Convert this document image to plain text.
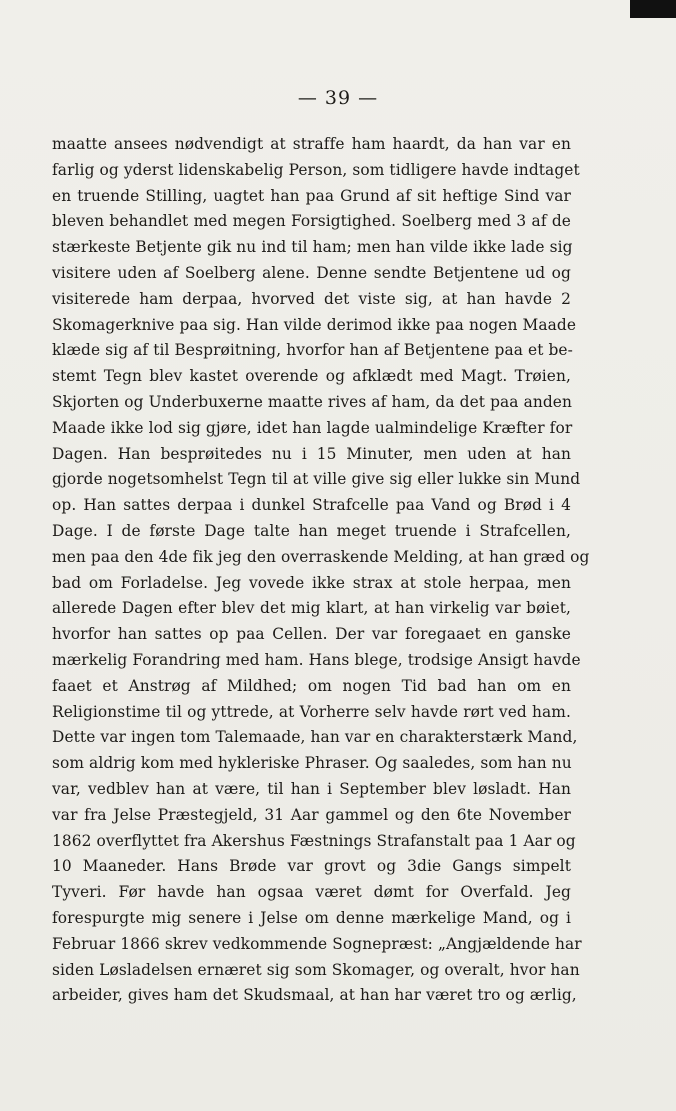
— 39 —
maatte ansees nødvendigt at straffe ham haardt, da han var en
farlig og yderst lidenskabelig Person, som tidligere havde indtaget
en truende Stilling, uagtet han paa Grund af sit heftige Sind var
bleven behandlet med megen Forsigtighed. Soelberg med 3 af de
stærkeste Betjente gik nu ind til ham; men han vilde ikke lade sig
visitere uden af Soelberg alene. Denne sendte Betjentene ud og
visiterede ham derpaa, hvorved det viste sig, at han havde 2
Skomagerknive paa sig. Han vilde derimod ikke paa nogen Maade
klæde sig af til Besprøitning, hvorfor han af Betjentene paa et be-
stemt Tegn blev kastet overende og afklædt med Magt. Trøien,
Skjorten og Underbuxerne maatte rives af ham, da det paa anden
Maade ikke lod sig gjøre, idet han lagde ualmindelige Kræfter for
Dagen. Han besprøitedes nu i 15 Minuter, men uden at han
gjorde nogetsomhelst Tegn til at ville give sig eller lukke sin Mund
op. Han sattes derpaa i dunkel Strafcelle paa Vand og Brød i 4
Dage. I de første Dage talte han meget truende i Strafcellen,
men paa den 4de fik jeg den overraskende Melding, at han græd og
bad om Forladelse. Jeg vovede ikke strax at stole herpaa, men
allerede Dagen efter blev det mig klart, at han virkelig var bøiet,
hvorfor han sattes op paa Cellen. Der var foregaaet en ganske
mærkelig Forandring med ham. Hans blege, trodsige Ansigt havde
faaet et Anstrøg af Mildhed; om nogen Tid bad han om en
Religionstime til og yttrede, at Vorherre selv havde rørt ved ham.
Dette var ingen tom Talemaade, han var en charakterstærk Mand,
som aldrig kom med hykleriske Phraser. Og saaledes, som han nu
var, vedblev han at være, til han i September blev løsladt. Han
var fra Jelse Præstegjeld, 31 Aar gammel og den 6te November
1862 overflyttet fra Akershus Fæstnings Strafanstalt paa 1 Aar og
10 Maaneder. Hans Brøde var grovt og 3die Gangs simpelt
Tyveri. Før havde han ogsaa været dømt for Overfald. Jeg
forespurgte mig senere i Jelse om denne mærkelige Mand, og i
Februar 1866 skrev vedkommende Sognepræst: „Angjældende har
siden Løsladelsen ernæret sig som Skomager, og overalt, hvor han
arbeider, gives ham det Skudsmaal, at han har været tro og ærlig,
